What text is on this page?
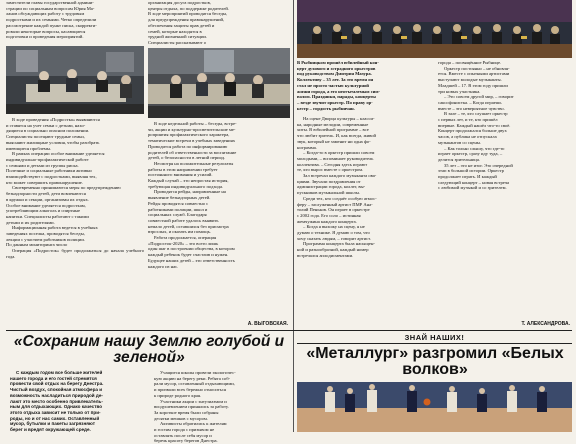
заместители главы государственной админи-
страции по социальным вопросам Юрия Ма-
ланов обсуждающих работу с трудовым
подростками и их семьями. Четко определили
рассмотрение каждой пункт писка, скорректи-
ровали некоторые вопросы, касающиеся
подготовки и проведения мероприятий.

В ходе проведения «Подростка» выявляются

и ставятся на учет семьи с детьми, нахо-
дящиеся в социально опасном положении.
Специалисты посещают трудные семьи,
выясняют жилищные условия, чтобы разобрать
имеющиеся проблемы.

В рамках операции особое внимание уделяется

индивидуально-профилактической работе
с семьями и детьми из группы риска.
Полезные и социальные работники активно
взаимодействуют с подростками, выявляя тех,
кто может совершить правонарушение.

Своевременно принимаются меры по предупреждению

безнадзорности детей, дети вовлекаются
в кружки и секции, организован их отдых.
Особое внимание уделяется подросткам,
употребляющим алкоголь и спиртные
напитки. Специалисты работают с такими
детьми и их родителями.

Информационная работа ведется в учебных

заведениях поселка, проводятся беседы,
лекции с участием работников полиции.
По данным мониторинга число

Операция «Подросток» будет продолжаться до начала учебного года.

организация досуга подростков,
центры отдыха, по поддержке родителей.
В ходе мероприятий проводятся беседы,
для предупреждения правонарушений,
обеспечения защиты прав детей и
семей, которые находятся в
трудной жизненной ситуации.
Специалисты рассказывают о

В ходе недельной работы – беседы, встре-

чи, акции и культурно-просветительские ме-
роприятия профилактического характера,
тематические встречи в учебных заведениях
Проводится работа по информированию
родителей об ответственности за воспитание
детей, о безопасности в летний период.

Несмотря на положительные результаты

работы в этом направлении требует
постоянного внимания и усилий.
Каждый случай – это непростая история,
требующая индивидуального подхода.

Проводятся рейды, направленные на

выявление безнадзорных детей.
Рейды проводятся совместно с
работниками полиции, школ и
социальных служб. Благодаря
совместной работе удалось выявить
немало детей, оставшихся без присмотра
взрослых, и оказать им помощь.

Работа продолжается, операция

«Подросток-2020» – это всего лишь
один шаг в построении общества, в котором
каждый ребенок будет счастлив и нужен.
Будущее наших детей – это ответственность
каждого из нас.
А. ВЫГОВСКАЯ.
В Рыбницком прошёл юбилейный кон-
церт духового и эстрадного оркестров
под руководством Дмитрия Мазура.
Коллективу – 35 лет. За это время он
стал не просто частью культурной
жизни города, а его неотъемлемым сим-
волом. Праздники, парады, концерты
– везде звучит оркестр. По праву ор-
кестр – гордость рыбничан.

На сцене Дворца культуры – класси-

ка, народные мелодии, современные
хиты. В юбилейной программе – все
что любит зритель. И, как всегда, живой
звук, который не заменит ни одна фо-
нограмма.

– Когда-то в оркестр пришли совсем

молодыми, – вспоминает руководитель
коллектива. – Сегодня здесь играют
те, кто вырос вместе с оркестром.

Зал встречал каждого музыканта ова-

циями. Звучали поздравления от
администрации города, коллег, вы-
пускников музыкальной школы.

Среди тех, кто создаёт особую атмос-

феру – заслуженный артист ПМР Ана-
толий Пеньков. Он играет в оркестре
с 2002 года. Его соло – истинная
жемчужина каждого концерта.

– Когда я выхожу на сцену, я не

думаю о технике. Я думаю о том, что
хочу сказать людям, – говорит артист.

Программа концерта была насыщен-

ной и разнообразной, каждый номер
встречался аплодисментами.
города – посвящённое Рыбнице.

Оркестр постоянно – не обновля-

ется. Вместе с опытными артистами
выступают молодые музыканты.
Младшей – 17. В этом году пришли
три новых участника.

– Это совсем другой мир, – говорит

саксофонистка. – Когда играешь
вместе – это невероятное чувство.

В зале – те, кто слушает оркестр

с первых лет, и те, кто пришёл
впервые. Каждый нашёл что-то своё.
Концерт продолжался больше двух
часов, а публика не отпускала
музыкантов со сцены.

– Как только слышу, что где-то

играет оркестр, сразу иду туда, –
делится зрительница.

35 лет – это не итог. Это очередной

этап в большой истории. Оркестр
продолжает играть. И каждый
следующий концерт – новая встреча
с любимой музыкой и со зрителем.
Т. АЛЕКСАНДРОВА.
«Сохраним нашу Землю голубой и зеленой»

С каждым годом все больше жителей

нашего города и его гостей стремятся
провести свой отдых на берегу Днестра.
Чистый воздух, спокойная атмосфера и
возможность насладиться природой де-
лают это место особенно привлекатель-
ным для отдыхающих. Однако качество
этого отдыха зависит не только от при-
роды, но и от нас самих. Оставленный
мусор, бутылки и пакеты загрязняют
берег и вредят окружающей среде.

Учащиеся школы провели экологичес-

кую акцию на берегу реки. Ребята соб-
рали мусор, оставленный отдыхающими,
и призвали всех бережно относиться
к природе родного края.

Участники акции с энтузиазмом и

воодушевлением принялись за работу.
За короткое время были собраны
десятки мешков с мусором.

Активисты обратились к жителям

и гостям города с призывом не
оставлять после себя мусор и
беречь красоту берегов Днестра.
ЗНАЙ НАШИХ!
«Металлург» разгромил «Белых волков»
